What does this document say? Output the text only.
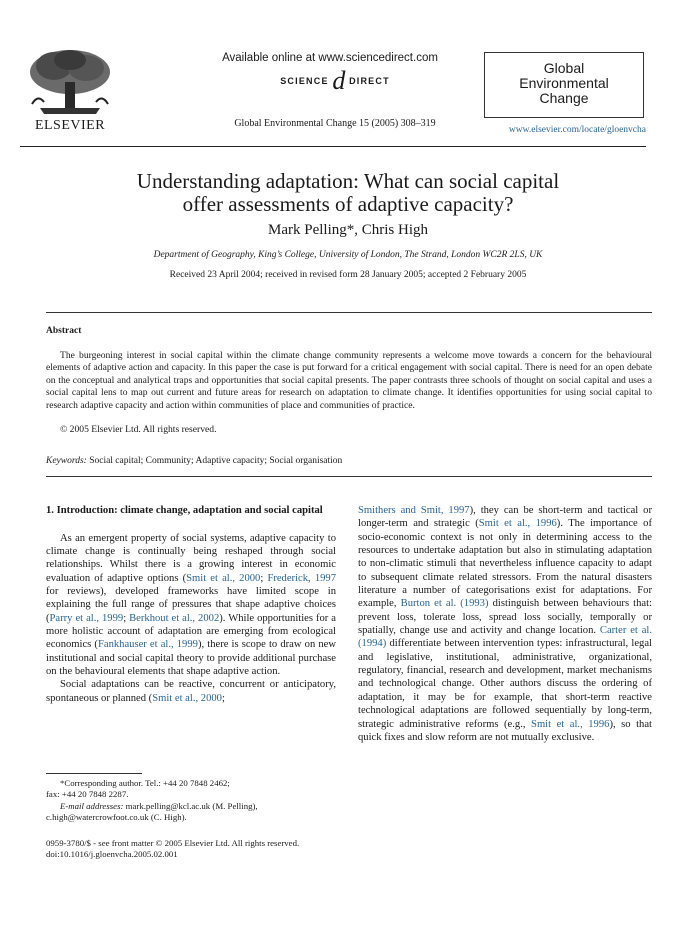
ELSEVIER
Available online at www.sciencedirect.com
SCIENCE d DIRECT
Global Environmental Change 15 (2005) 308–319
Global
Environmental
Change
www.elsevier.com/locate/gloenvcha
Understanding adaptation: What can social capital
offer assessments of adaptive capacity?
Mark Pelling*, Chris High
Department of Geography, King’s College, University of London, The Strand, London WC2R 2LS, UK
Received 23 April 2004; received in revised form 28 January 2005; accepted 2 February 2005
Abstract
The burgeoning interest in social capital within the climate change community represents a welcome move towards a concern for the behavioural elements of adaptive action and capacity. In this paper the case is put forward for a critical engagement with social capital. There is need for an open debate on the conceptual and analytical traps and opportunities that social capital presents. The paper contrasts three schools of thought on social capital and uses a social capital lens to map out current and future areas for research on adaptation to climate change. It identifies opportunities for using social capital to research adaptive capacity and action within communities of place and communities of practice.
© 2005 Elsevier Ltd. All rights reserved.
Keywords: Social capital; Community; Adaptive capacity; Social organisation
1. Introduction: climate change, adaptation and social capital

As an emergent property of social systems, adaptive capacity to climate change is continually being reshaped through social relationships. Whilst there is a growing interest in economic evaluation of adaptive options (Smit et al., 2000; Frederick, 1997 for reviews), developed frameworks have limited scope in explaining the full range of pressures that shape adaptive choices (Parry et al., 1999; Berkhout et al., 2002). While opportunities for a more holistic account of adaptation are emerging from ecological economics (Fankhauser et al., 1999), there is scope to draw on new institutional and social capital theory to provide additional purchase on the behavioural elements that shape adaptive action.

Social adaptations can be reactive, concurrent or anticipatory, spontaneous or planned (Smit et al., 2000;

Smithers and Smit, 1997), they can be short-term and tactical or longer-term and strategic (Smit et al., 1996). The importance of socio-economic context is not only in determining access to the resources to undertake adaptation but also in stimulating adaptation to non-climatic stimuli that nevertheless influence capacity to adapt to subsequent climate related stressors. From the natural disasters literature a number of categorisations exist for adaptations. For example, Burton et al. (1993) distinguish between behaviours that: prevent loss, tolerate loss, spread loss socially, temporally or spatially, change use and activity and change location. Carter et al. (1994) differentiate between intervention types: infrastructural, legal and legislative, institutional, administrative, organizational, regulatory, financial, research and development, market mechanisms and technological change. Other authors discuss the ordering of adaptation, it may be for example, that short-term reactive technological adaptations are followed sequentially by long-term, strategic administrative reforms (e.g., Smit et al., 1996), so that quick fixes and slow reform are not mutually exclusive.

*Corresponding author. Tel.: +44 20 7848 2462;
fax: +44 20 7848 2287.
E-mail addresses: mark.pelling@kcl.ac.uk (M. Pelling),
c.high@watercrowfoot.co.uk (C. High).
0959-3780/$ - see front matter © 2005 Elsevier Ltd. All rights reserved.
doi:10.1016/j.gloenvcha.2005.02.001
